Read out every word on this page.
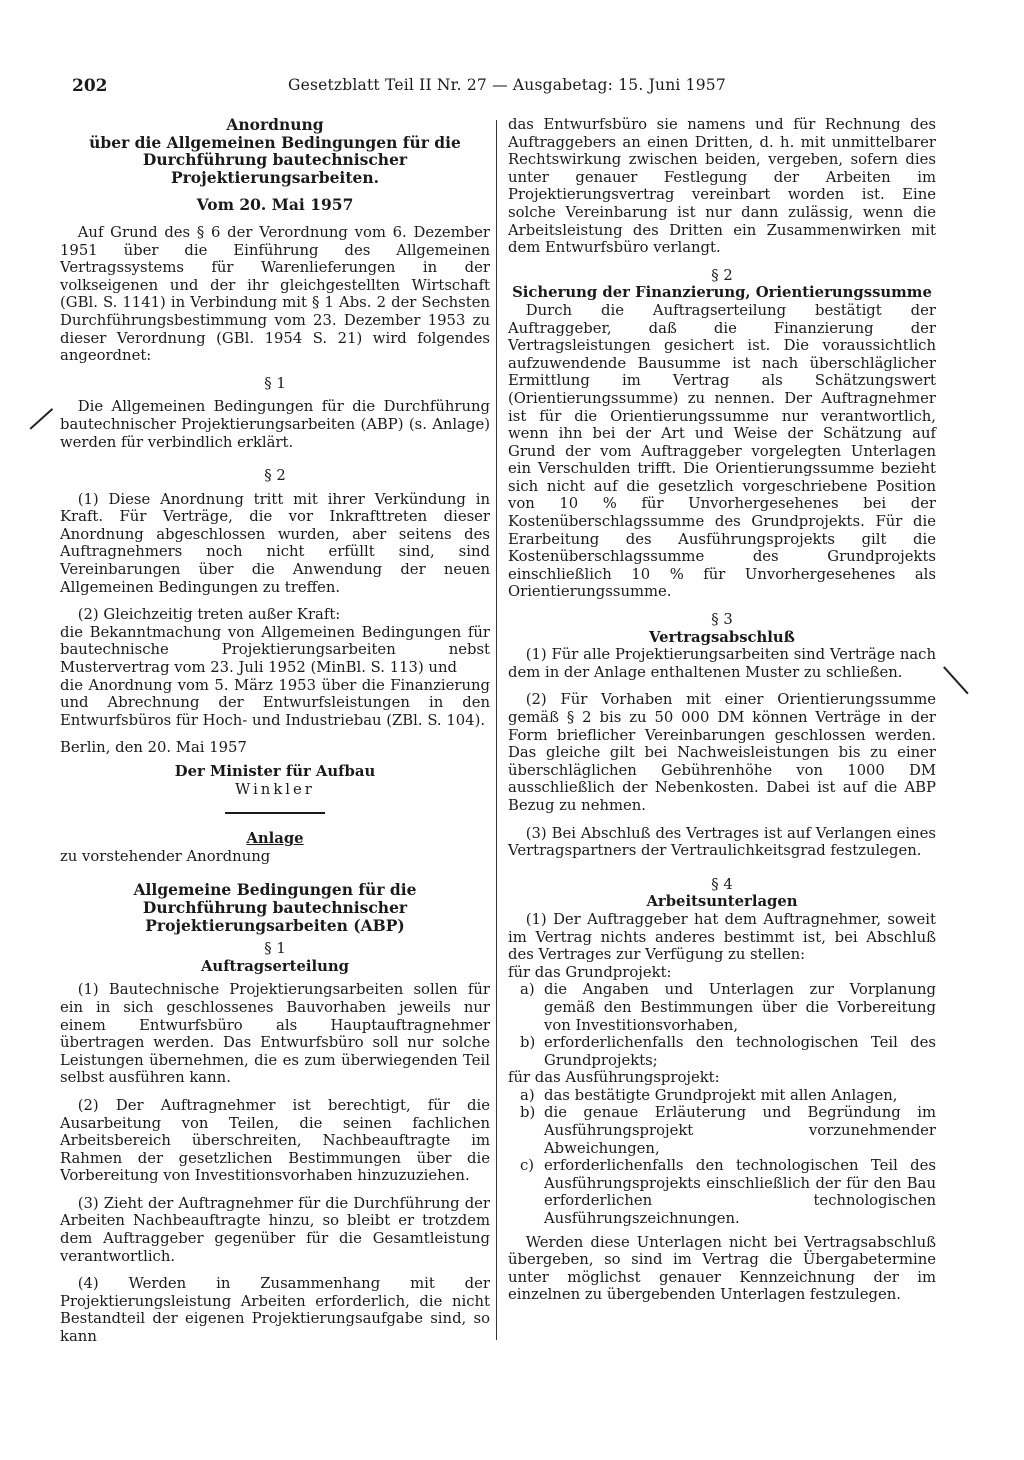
202	Gesetzblatt Teil II Nr. 27 — Ausgabetag: 15. Juni 1957
Anordnung
über die Allgemeinen Bedingungen für die Durchführung bautechnischer Projektierungsarbeiten.
Vom 20. Mai 1957

Auf Grund des § 6 der Verordnung vom 6. Dezember 1951 über die Einführung des Allgemeinen Vertragssystems für Warenlieferungen in der volkseigenen und der ihr gleichgestellten Wirtschaft (GBl. S. 1141) in Verbindung mit § 1 Abs. 2 der Sechsten Durchführungsbestimmung vom 23. Dezember 1953 zu dieser Verordnung (GBl. 1954 S. 21) wird folgendes angeordnet:

§ 1

Die Allgemeinen Bedingungen für die Durchführung bautechnischer Projektierungsarbeiten (ABP) (s. Anlage) werden für verbindlich erklärt.

§ 2

(1) Diese Anordnung tritt mit ihrer Verkündung in Kraft. Für Verträge, die vor Inkrafttreten dieser Anordnung abgeschlossen wurden, aber seitens des Auftragnehmers noch nicht erfüllt sind, sind Vereinbarungen über die Anwendung der neuen Allgemeinen Bedingungen zu treffen.

(2) Gleichzeitig treten außer Kraft:

die Bekanntmachung von Allgemeinen Bedingungen für bautechnische Projektierungsarbeiten nebst Mustervertrag vom 23. Juli 1952 (MinBl. S. 113) und

die Anordnung vom 5. März 1953 über die Finanzierung und Abrechnung der Entwurfsleistungen in den Entwurfsbüros für Hoch- und Industriebau (ZBl. S. 104).

Berlin, den 20. Mai 1957

Der Minister für Aufbau
Winkler
Anlage

zu vorstehender Anordnung

Allgemeine Bedingungen für die Durchführung bautechnischer Projektierungsarbeiten (ABP)
§ 1
Auftragserteilung

(1) Bautechnische Projektierungsarbeiten sollen für ein in sich geschlossenes Bauvorhaben jeweils nur einem Entwurfsbüro als Hauptauftragnehmer übertragen werden. Das Entwurfsbüro soll nur solche Leistungen übernehmen, die es zum überwiegenden Teil selbst ausführen kann.

(2) Der Auftragnehmer ist berechtigt, für die Ausarbeitung von Teilen, die seinen fachlichen Arbeitsbereich überschreiten, Nachbeauftragte im Rahmen der gesetzlichen Bestimmungen über die Vorbereitung von Investitionsvorhaben hinzuzuziehen.

(3) Zieht der Auftragnehmer für die Durchführung der Arbeiten Nachbeauftragte hinzu, so bleibt er trotzdem dem Auftraggeber gegenüber für die Gesamtleistung verantwortlich.

(4) Werden in Zusammenhang mit der Projektierungsleistung Arbeiten erforderlich, die nicht Bestandteil der eigenen Projektierungsaufgabe sind, so kann

das Entwurfsbüro sie namens und für Rechnung des Auftraggebers an einen Dritten, d. h. mit unmittelbarer Rechtswirkung zwischen beiden, vergeben, sofern dies unter genauer Festlegung der Arbeiten im Projektierungsvertrag vereinbart worden ist. Eine solche Vereinbarung ist nur dann zulässig, wenn die Arbeitsleistung des Dritten ein Zusammenwirken mit dem Entwurfsbüro verlangt.

§ 2
Sicherung der Finanzierung, Orientierungssumme

Durch die Auftragserteilung bestätigt der Auftraggeber, daß die Finanzierung der Vertragsleistungen gesichert ist. Die voraussichtlich aufzuwendende Bausumme ist nach überschläglicher Ermittlung im Vertrag als Schätzungswert (Orientierungssumme) zu nennen. Der Auftragnehmer ist für die Orientierungssumme nur verantwortlich, wenn ihn bei der Art und Weise der Schätzung auf Grund der vom Auftraggeber vorgelegten Unterlagen ein Verschulden trifft. Die Orientierungssumme bezieht sich nicht auf die gesetzlich vorgeschriebene Position von 10 % für Unvorhergesehenes bei der Kostenüberschlagssumme des Grundprojekts. Für die Erarbeitung des Ausführungsprojekts gilt die Kostenüberschlagssumme des Grundprojekts einschließlich 10 % für Unvorhergesehenes als Orientierungssumme.

§ 3
Vertragsabschluß

(1) Für alle Projektierungsarbeiten sind Verträge nach dem in der Anlage enthaltenen Muster zu schließen.

(2) Für Vorhaben mit einer Orientierungssumme gemäß § 2 bis zu 50 000 DM können Verträge in der Form brieflicher Vereinbarungen geschlossen werden. Das gleiche gilt bei Nachweisleistungen bis zu einer überschläglichen Gebührenhöhe von 1000 DM ausschließlich der Nebenkosten. Dabei ist auf die ABP Bezug zu nehmen.

(3) Bei Abschluß des Vertrages ist auf Verlangen eines Vertragspartners der Vertraulichkeitsgrad festzulegen.

§ 4
Arbeitsunterlagen

(1) Der Auftraggeber hat dem Auftragnehmer, soweit im Vertrag nichts anderes bestimmt ist, bei Abschluß des Vertrages zur Verfügung zu stellen:

für das Grundprojekt:

a) die Angaben und Unterlagen zur Vorplanung gemäß den Bestimmungen über die Vorbereitung von Investitionsvorhaben,
b) erforderlichenfalls den technologischen Teil des Grundprojekts;

für das Ausführungsprojekt:

a) das bestätigte Grundprojekt mit allen Anlagen,
b) die genaue Erläuterung und Begründung im Ausführungsprojekt vorzunehmender Abweichungen,
c) erforderlichenfalls den technologischen Teil des Ausführungsprojekts einschließlich der für den Bau erforderlichen technologischen Ausführungszeichnungen.

Werden diese Unterlagen nicht bei Vertragsabschluß übergeben, so sind im Vertrag die Übergabetermine unter möglichst genauer Kennzeichnung der im einzelnen zu übergebenden Unterlagen festzulegen.
